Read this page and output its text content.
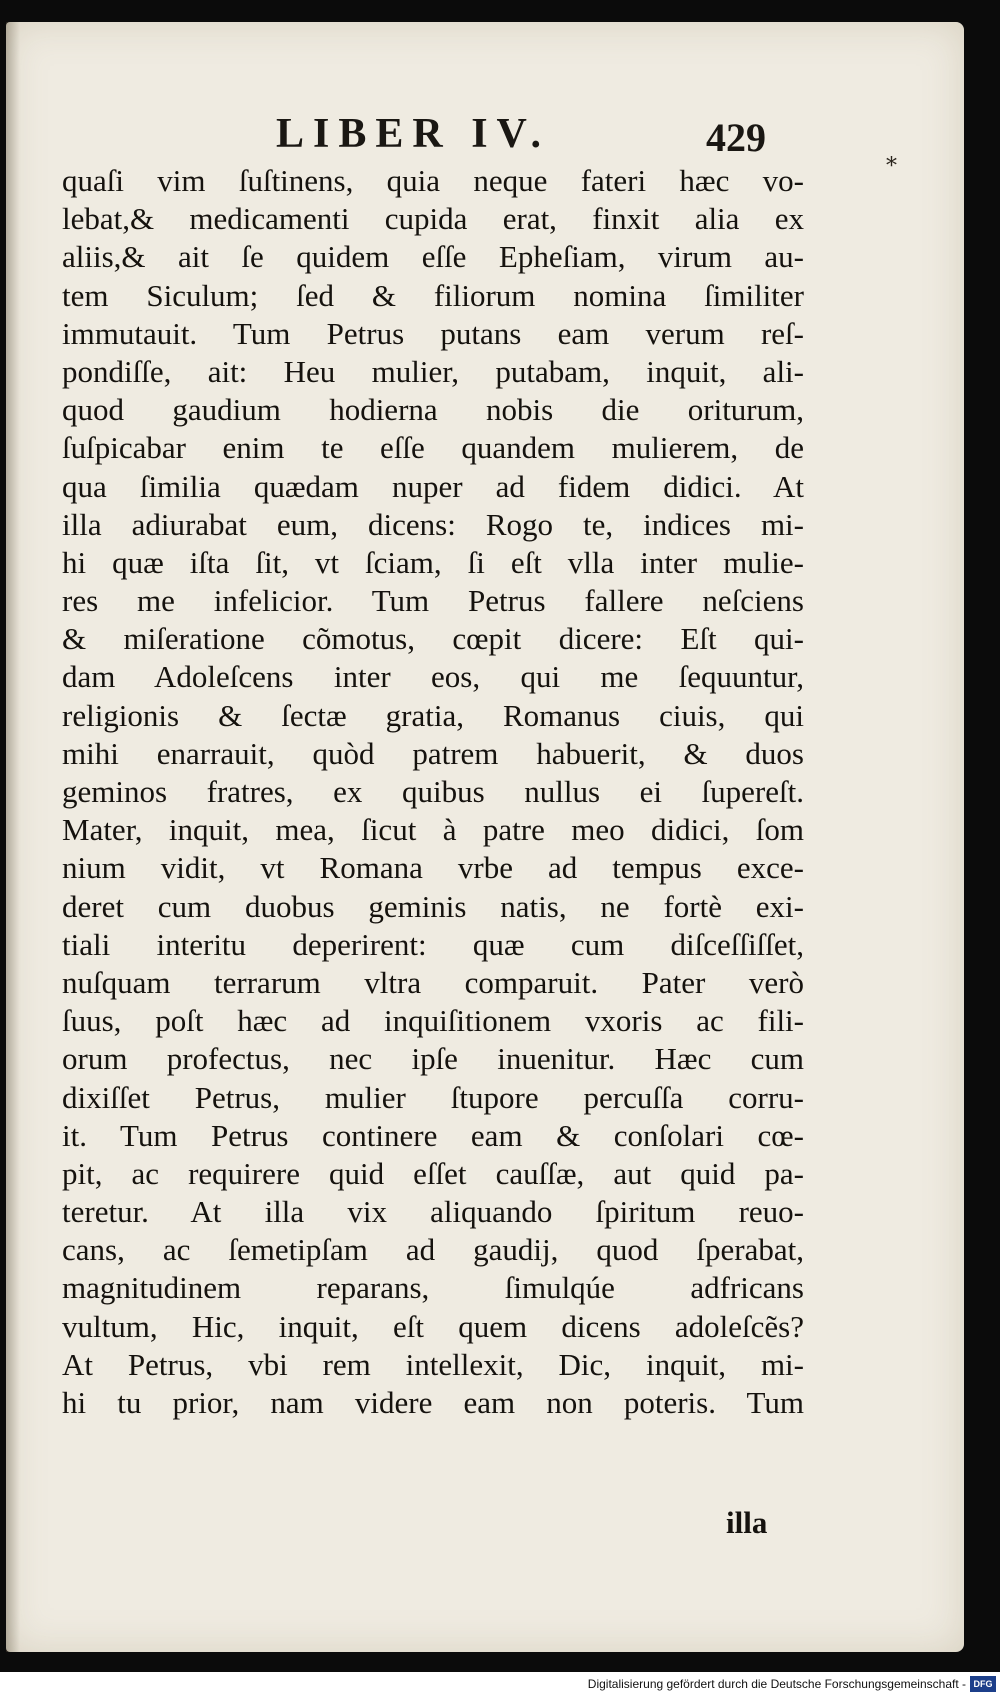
LIBER IV.	429
*
quaſi vim ſuſtinens, quia neque fateri hæc vo-
lebat,& medicamenti cupida erat, finxit alia ex
aliis,& ait ſe quidem eſſe Epheſiam, virum au-
tem Siculum; ſed & filiorum nomina ſimiliter
immutauit. Tum Petrus putans eam verum reſ-
pondiſſe, ait: Heu mulier, putabam, inquit, ali-
quod gaudium hodierna nobis die oriturum,
ſuſpicabar enim te eſſe quandem mulierem, de
qua ſimilia quædam nuper ad fidem didici. At
illa adiurabat eum, dicens: Rogo te, indices mi-
hi quæ iſta ſit, vt ſciam, ſi eſt vlla inter mulie-
res me infelicior. Tum Petrus fallere neſciens
& miſeratione cõmotus, cœpit dicere: Eſt qui-
dam Adoleſcens inter eos, qui me ſequuntur,
religionis & ſectæ gratia, Romanus ciuis, qui
mihi enarrauit, quòd patrem habuerit, & duos
geminos fratres, ex quibus nullus ei ſupereſt.
Mater, inquit, mea, ſicut à patre meo didici, ſom
nium vidit, vt Romana vrbe ad tempus exce-
deret cum duobus geminis natis, ne fortè exi-
tiali interitu deperirent: quæ cum diſceſſiſſet,
nuſquam terrarum vltra comparuit. Pater verò
ſuus, poſt hæc ad inquiſitionem vxoris ac fili-
orum profectus, nec ipſe inuenitur. Hæc cum
dixiſſet Petrus, mulier ſtupore percuſſa corru-
it. Tum Petrus continere eam & conſolari cœ-
pit, ac requirere quid eſſet cauſſæ, aut quid pa-
teretur. At illa vix aliquando ſpiritum reuo-
cans, ac ſemetipſam ad gaudij, quod ſperabat,
magnitudinem reparans, ſimulqúe adfricans
vultum, Hic, inquit, eſt quem dicens adoleſcẽs?
At Petrus, vbi rem intellexit, Dic, inquit, mi-
hi tu prior, nam videre eam non poteris. Tum
illa
Digitalisierung gefördert durch die Deutsche Forschungsgemeinschaft - DFG
